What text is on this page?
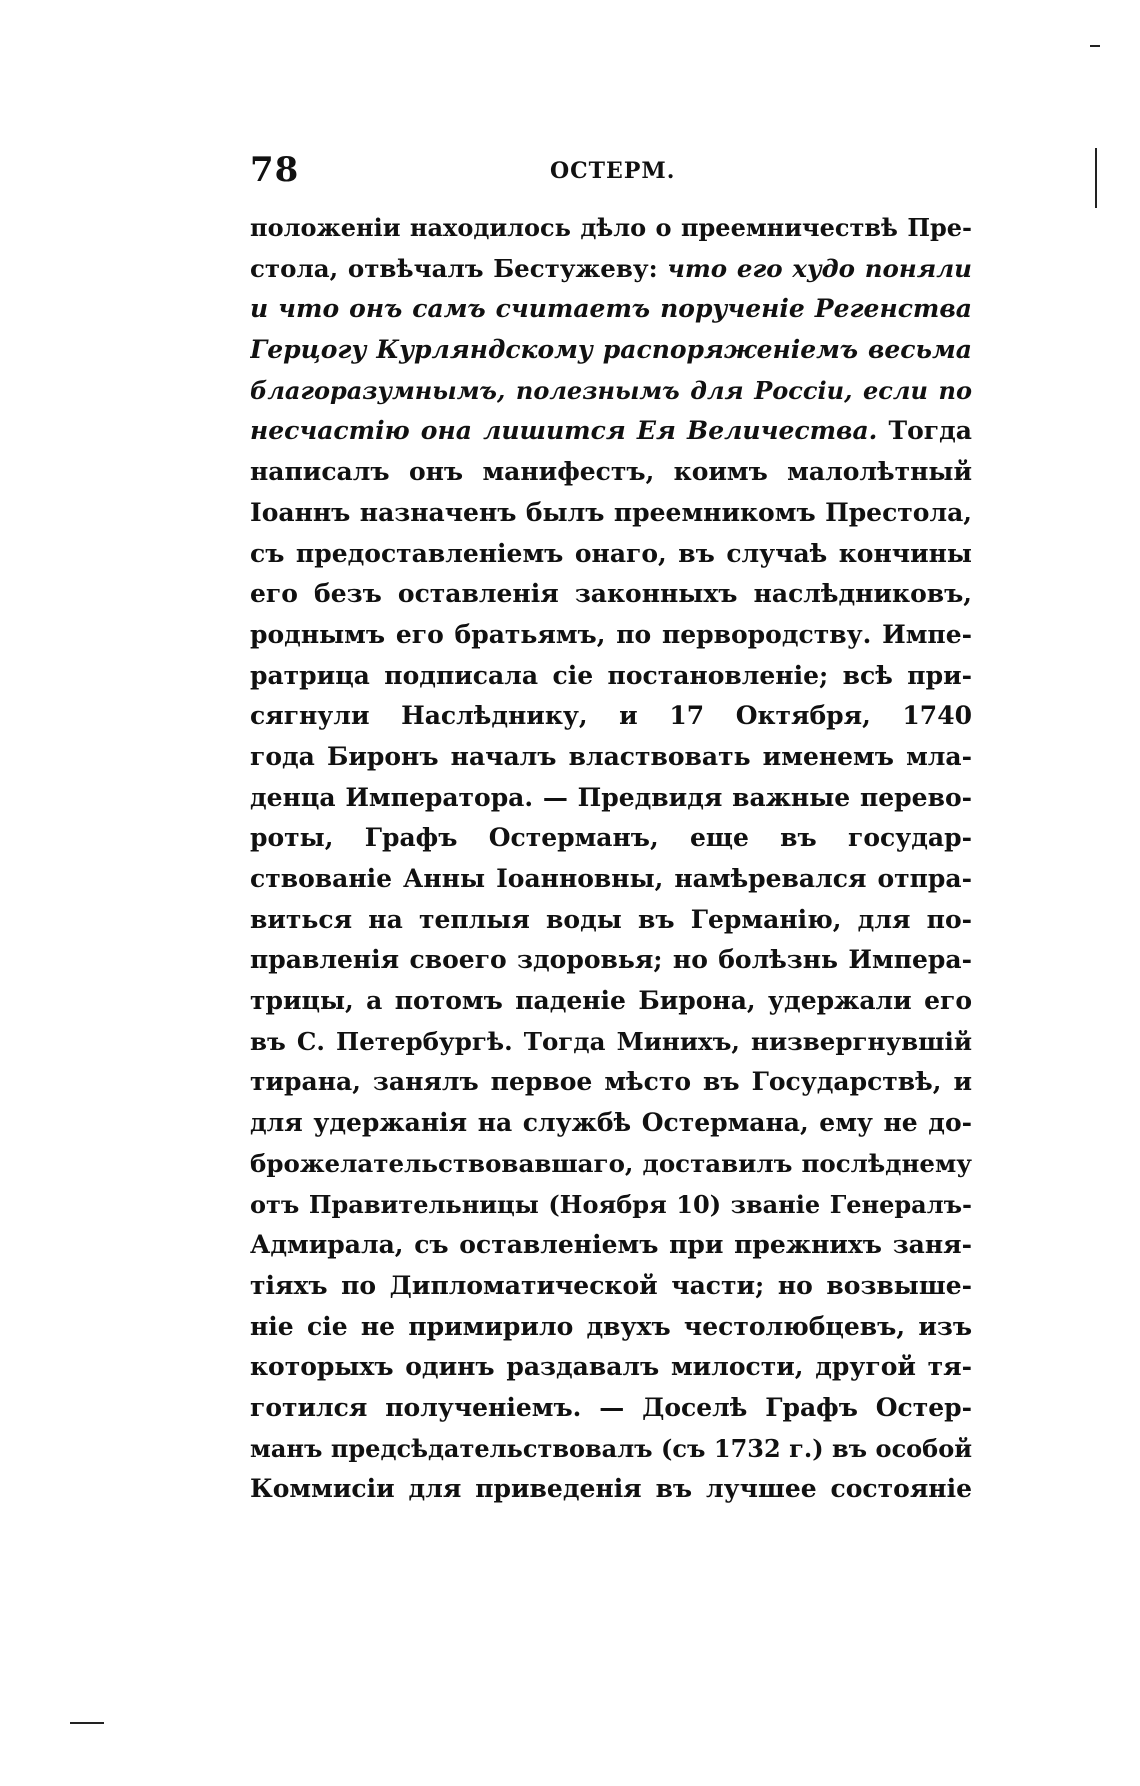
78	ОСТЕРМ.
положеніи находилось дѣло о преемничествѣ Пре-
стола, отвѣчалъ Бестужеву: что его худо поняли
и что онъ самъ считаетъ порученіе Регенства
Герцогу Курляндскому распоряженіемъ весьма
благоразумнымъ, полезнымъ для Россіи, если по
несчастію она лишится Ея Величества. Тогда
написалъ онъ манифестъ, коимъ малолѣтный
Іоаннъ назначенъ былъ преемникомъ Престола,
съ предоставленіемъ онаго, въ случаѣ кончины
его безъ оставленія законныхъ наслѣдниковъ,
роднымъ его братьямъ, по первородству. Импе-
ратрица подписала сіе постановленіе; всѣ при-
сягнули Наслѣднику, и 17 Октября, 1740
года Биронъ началъ властвовать именемъ мла-
денца Императора. — Предвидя важные перево-
роты, Графъ Остерманъ, еще въ государ-
ствованіе Анны Іоанновны, намѣревался отпра-
виться на теплыя воды въ Германію, для по-
правленія своего здоровья; но болѣзнь Импера-
трицы, а потомъ паденіе Бирона, удержали его
въ С. Петербургѣ. Тогда Минихъ, низвергнувшій
тирана, занялъ первое мѣсто въ Государствѣ, и
для удержанія на службѣ Остермана, ему не до-
брожелательствовавшаго, доставилъ послѣднему
отъ Правительницы (Ноября 10) званіе Генералъ-
Адмирала, съ оставленіемъ при прежнихъ заня-
тіяхъ по Дипломатической части; но возвыше-
ніе сіе не примирило двухъ честолюбцевъ, изъ
которыхъ одинъ раздавалъ милости, другой тя-
готился полученіемъ. — Доселѣ Графъ Остер-
манъ предсѣдательствовалъ (съ 1732 г.) въ особой
Коммисіи для приведенія въ лучшее состояніе
